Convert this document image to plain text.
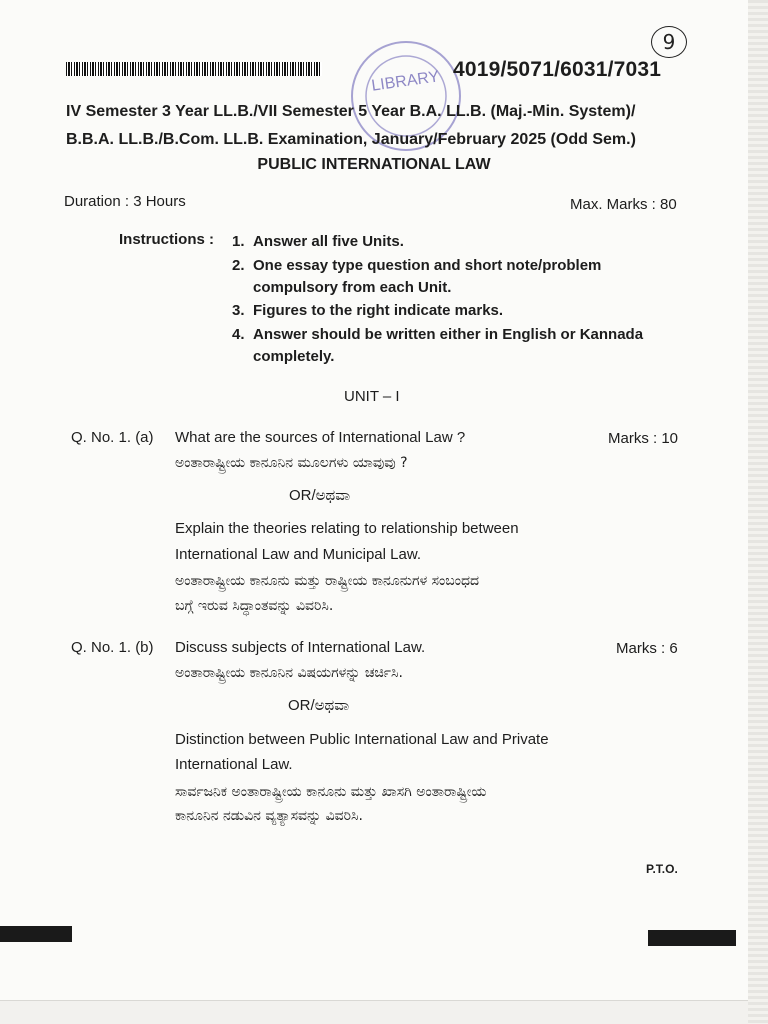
9
LIBRARY 4019/5071/6031/7031
IV Semester 3 Year LL.B./VII Semester 5 Year B.A. LL.B. (Maj.-Min. System)/
B.B.A. LL.B./B.Com. LL.B. Examination, January/February 2025 (Odd Sem.)
PUBLIC INTERNATIONAL LAW
Duration : 3 Hours	Max. Marks : 80
Instructions : 1. Answer all five Units.
2. One essay type question and short note/problem
compulsory from each Unit.
3. Figures to the right indicate marks.
4. Answer should be written either in English or Kannada
completely.
UNIT – I
Q. No. 1. (a) What are the sources of International Law ?	Marks : 10
ಅಂತಾರಾಷ್ಟ್ರೀಯ ಕಾನೂನಿನ ಮೂಲಗಳು ಯಾವುವು ?
OR/ಅಥವಾ
Explain the theories relating to relationship between
International Law and Municipal Law.
ಅಂತಾರಾಷ್ಟ್ರೀಯ ಕಾನೂನು ಮತ್ತು ರಾಷ್ಟ್ರೀಯ ಕಾನೂನುಗಳ ಸಂಬಂಧದ
ಬಗ್ಗೆ ಇರುವ ಸಿದ್ಧಾಂತವನ್ನು ವಿವರಿಸಿ.
Q. No. 1. (b) Discuss subjects of International Law.	Marks : 6
ಅಂತಾರಾಷ್ಟ್ರೀಯ ಕಾನೂನಿನ ವಿಷಯಗಳನ್ನು ಚರ್ಚಿಸಿ.
OR/ಅಥವಾ
Distinction between Public International Law and Private
International Law.
ಸಾರ್ವಜನಿಕ ಅಂತಾರಾಷ್ಟ್ರೀಯ ಕಾನೂನು ಮತ್ತು ಖಾಸಗಿ ಅಂತಾರಾಷ್ಟ್ರೀಯ
ಕಾನೂನಿನ ನಡುವಿನ ವ್ಯತ್ಯಾಸವನ್ನು ವಿವರಿಸಿ.
P.T.O.
